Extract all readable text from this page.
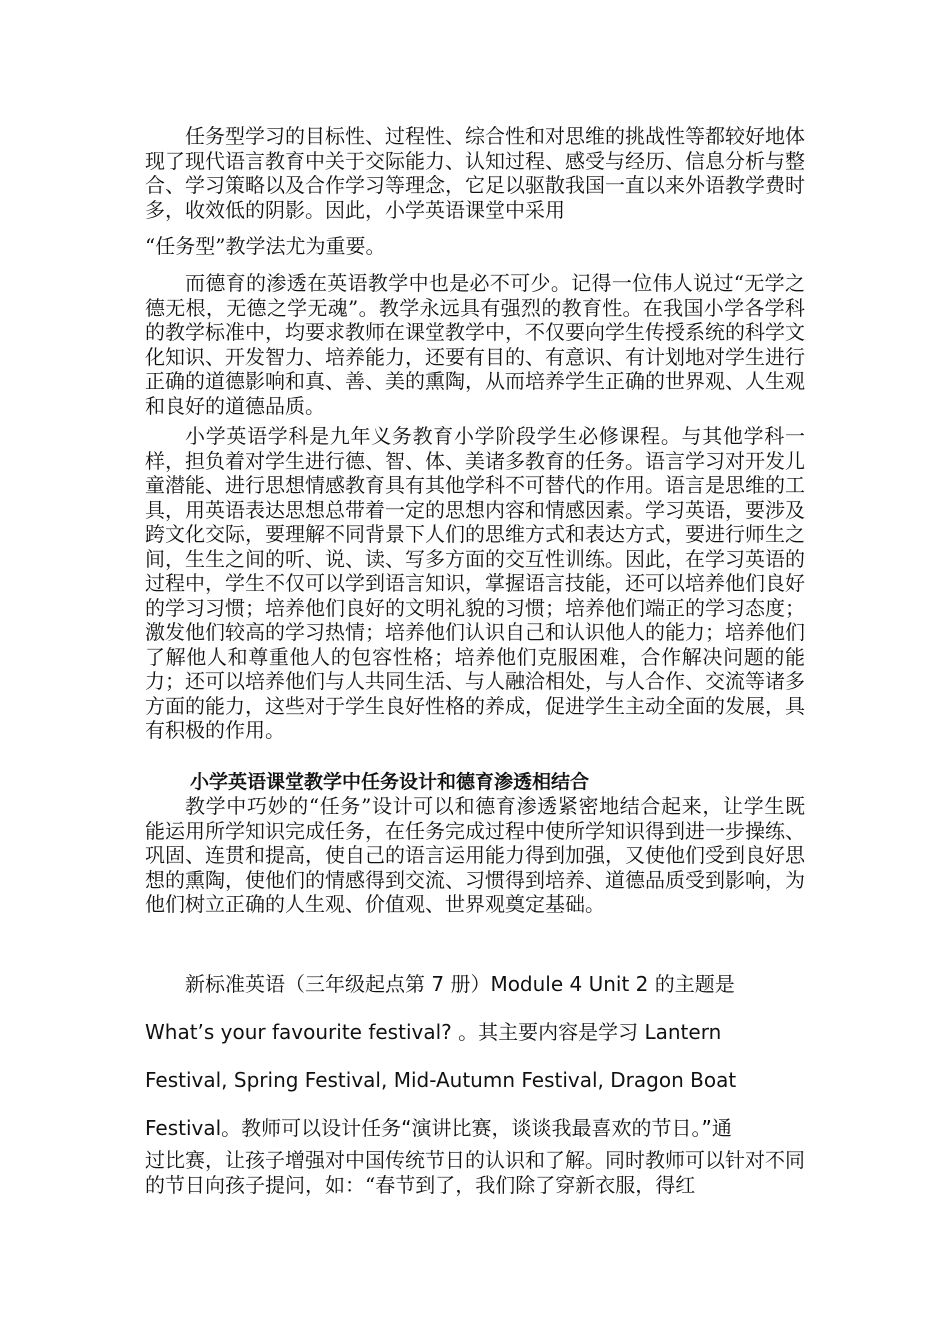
任务型学习的目标性、过程性、综合性和对思维的挑战性等都较好地体现了现代语言教育中关于交际能力、认知过程、感受与经历、信息分析与整合、学习策略以及合作学习等理念，它足以驱散我国一直以来外语教学费时多，收效低的阴影。因此，小学英语课堂中采用

“任务型”教学法尤为重要。

而德育的渗透在英语教学中也是必不可少。记得一位伟人说过“无学之德无根，无德之学无魂”。教学永远具有强烈的教育性。在我国小学各学科的教学标准中，均要求教师在课堂教学中，不仅要向学生传授系统的科学文化知识、开发智力、培养能力，还要有目的、有意识、有计划地对学生进行正确的道德影响和真、善、美的熏陶，从而培养学生正确的世界观、人生观和良好的道德品质。

小学英语学科是九年义务教育小学阶段学生必修课程。与其他学科一样，担负着对学生进行德、智、体、美诸多教育的任务。语言学习对开发儿童潜能、进行思想情感教育具有其他学科不可替代的作用。语言是思维的工具，用英语表达思想总带着一定的思想内容和情感因素。学习英语，要涉及跨文化交际，要理解不同背景下人们的思维方式和表达方式，要进行师生之间，生生之间的听、说、读、写多方面的交互性训练。因此，在学习英语的过程中，学生不仅可以学到语言知识，掌握语言技能，还可以培养他们良好的学习习惯；培养他们良好的文明礼貌的习惯；培养他们端正的学习态度；激发他们较高的学习热情；培养他们认识自己和认识他人的能力；培养他们了解他人和尊重他人的包容性格；培养他们克服困难，合作解决问题的能力；还可以培养他们与人共同生活、与人融洽相处，与人合作、交流等诸多方面的能力，这些对于学生良好性格的养成，促进学生主动全面的发展，具有积极的作用。

小学英语课堂教学中任务设计和德育渗透相结合

教学中巧妙的“任务”设计可以和德育渗透紧密地结合起来，让学生既能运用所学知识完成任务，在任务完成过程中使所学知识得到进一步操练、巩固、连贯和提高，使自己的语言运用能力得到加强，又使他们受到良好思想的熏陶，使他们的情感得到交流、习惯得到培养、道德品质受到影响，为他们树立正确的人生观、价值观、世界观奠定基础。

新标准英语（三年级起点第 7 册）Module 4 Unit 2 的主题是 What’s your favourite festival? 。其主要内容是学习 Lantern Festival, Spring Festival, Mid-Autumn Festival, Dragon Boat Festival。教师可以设计任务“演讲比赛，谈谈我最喜欢的节日。”通

过比赛，让孩子增强对中国传统节日的认识和了解。同时教师可以针对不同的节日向孩子提问，如：“春节到了，我们除了穿新衣服，得红
